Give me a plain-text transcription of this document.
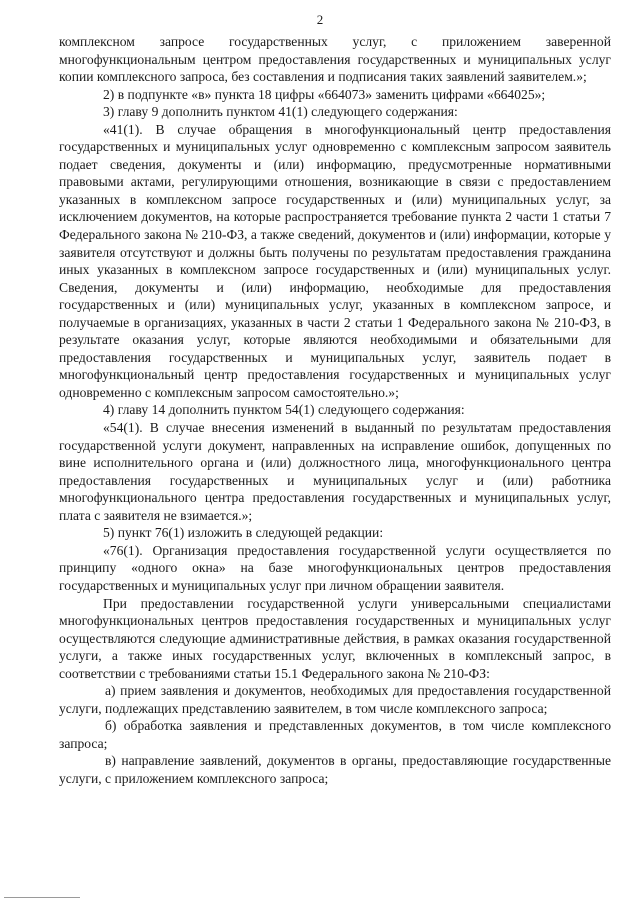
2

комплексном запросе государственных услуг, с приложением заверенной многофункциональным центром предоставления государственных и муниципальных услуг копии комплексного запроса, без составления и подписания таких заявлений заявителем.»;

2) в подпункте «в» пункта 18 цифры «664073» заменить цифрами «664025»;

3) главу 9 дополнить пунктом 41(1) следующего содержания:

«41(1). В случае обращения в многофункциональный центр предоставления государственных и муниципальных услуг одновременно с комплексным запросом заявитель подает сведения, документы и (или) информацию, предусмотренные нормативными правовыми актами, регулирующими отношения, возникающие в связи с предоставлением указанных в комплексном запросе государственных и (или) муниципальных услуг, за исключением документов, на которые распространяется требование пункта 2 части 1 статьи 7 Федерального закона № 210-ФЗ, а также сведений, документов и (или) информации, которые у заявителя отсутствуют и должны быть получены по результатам предоставления гражданина иных указанных в комплексном запросе государственных и (или) муниципальных услуг. Сведения, документы и (или) информацию, необходимые для предоставления государственных и (или) муниципальных услуг, указанных в комплексном запросе, и получаемые в организациях, указанных в части 2 статьи 1 Федерального закона № 210-ФЗ, в результате оказания услуг, которые являются необходимыми и обязательными для предоставления государственных и муниципальных услуг, заявитель подает в многофункциональный центр предоставления государственных и муниципальных услуг одновременно с комплексным запросом самостоятельно.»;

4) главу 14 дополнить пунктом 54(1) следующего содержания:

«54(1). В случае внесения изменений в выданный по результатам предоставления государственной услуги документ, направленных на исправление ошибок, допущенных по вине исполнительного органа и (или) должностного лица, многофункционального центра предоставления государственных и муниципальных услуг и (или) работника многофункционального центра предоставления государственных и муниципальных услуг, плата с заявителя не взимается.»;

5) пункт 76(1) изложить в следующей редакции:

«76(1). Организация предоставления государственной услуги осуществляется по принципу «одного окна» на базе многофункциональных центров предоставления государственных и муниципальных услуг при личном обращении заявителя.

При предоставлении государственной услуги универсальными специалистами многофункциональных центров предоставления государственных и муниципальных услуг осуществляются следующие административные действия, в рамках оказания государственной услуги, а также иных государственных услуг, включенных в комплексный запрос, в соответствии с требованиями статьи 15.1 Федерального закона № 210-ФЗ:

а) прием заявления и документов, необходимых для предоставления государственной услуги, подлежащих представлению заявителем, в том числе комплексного запроса;

б) обработка заявления и представленных документов, в том числе комплексного запроса;

в) направление заявлений, документов в органы, предоставляющие государственные услуги, с приложением комплексного запроса;
